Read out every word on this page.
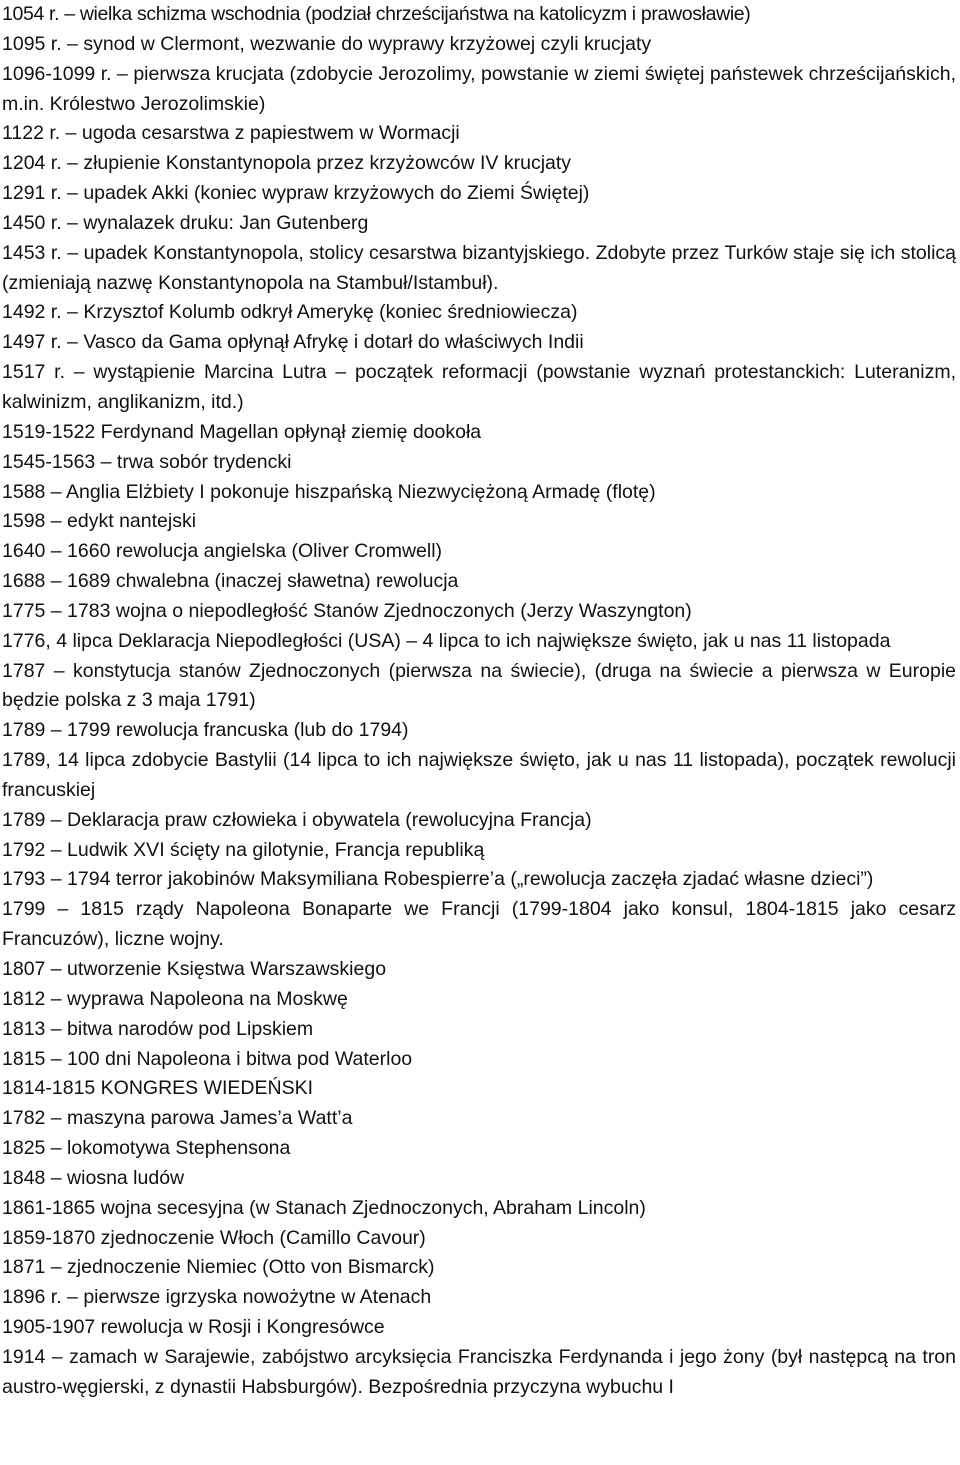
1054 r. – wielka schizma wschodnia (podział chrześcijaństwa na katolicyzm i prawosławie)

1095 r. – synod w Clermont, wezwanie do wyprawy krzyżowej czyli krucjaty

1096-1099 r. – pierwsza krucjata (zdobycie Jerozolimy, powstanie w ziemi świętej państewek chrześcijańskich, m.in. Królestwo Jerozolimskie)

1122 r. – ugoda cesarstwa z papiestwem w Wormacji

1204 r. – złupienie Konstantynopola przez krzyżowców IV krucjaty

1291 r. – upadek Akki (koniec wypraw krzyżowych do Ziemi Świętej)

1450 r. – wynalazek druku: Jan Gutenberg

1453 r. – upadek Konstantynopola, stolicy cesarstwa bizantyjskiego. Zdobyte przez Turków staje się ich stolicą (zmieniają nazwę Konstantynopola na Stambuł/Istambuł).

1492 r. – Krzysztof Kolumb odkrył Amerykę (koniec średniowiecza)

1497 r. – Vasco da Gama opłynął Afrykę i dotarł do właściwych Indii

1517 r. – wystąpienie Marcina Lutra – początek reformacji (powstanie wyznań protestanckich: Luteranizm, kalwinizm, anglikanizm, itd.)

1519-1522 Ferdynand Magellan opłynął ziemię dookoła

1545-1563 – trwa sobór trydencki

1588 – Anglia Elżbiety I pokonuje hiszpańską Niezwyciężoną Armadę (flotę)

1598 – edykt nantejski

1640 – 1660 rewolucja angielska (Oliver Cromwell)

1688 – 1689 chwalebna (inaczej sławetna) rewolucja

1775 – 1783 wojna o niepodległość Stanów Zjednoczonych (Jerzy Waszyngton)

1776, 4 lipca Deklaracja Niepodległości (USA) – 4 lipca to ich największe święto, jak u nas 11 listopada

1787 – konstytucja stanów Zjednoczonych (pierwsza na świecie), (druga na świecie a pierwsza w Europie będzie polska z 3 maja 1791)

1789 – 1799 rewolucja francuska (lub do 1794)

1789, 14 lipca zdobycie Bastylii (14 lipca to ich największe święto, jak u nas 11 listopada), początek rewolucji francuskiej

1789 – Deklaracja praw człowieka i obywatela (rewolucyjna Francja)

1792 – Ludwik XVI ścięty na gilotynie, Francja republiką

1793 – 1794 terror jakobinów Maksymiliana Robespierre’a („rewolucja zaczęła zjadać własne dzieci”)

1799 – 1815 rządy Napoleona Bonaparte we Francji (1799-1804 jako konsul, 1804-1815 jako cesarz Francuzów), liczne wojny.

1807 – utworzenie Księstwa Warszawskiego

1812 – wyprawa Napoleona na Moskwę

1813 – bitwa narodów pod Lipskiem

1815 – 100 dni Napoleona i bitwa pod Waterloo

1814-1815 KONGRES WIEDEŃSKI

1782 – maszyna parowa James’a Watt’a

1825 – lokomotywa Stephensona

1848 – wiosna ludów

1861-1865 wojna secesyjna (w Stanach Zjednoczonych, Abraham Lincoln)

1859-1870 zjednoczenie Włoch (Camillo Cavour)

1871 – zjednoczenie Niemiec (Otto von Bismarck)

1896 r. – pierwsze igrzyska nowożytne w Atenach

1905-1907 rewolucja w Rosji i Kongresówce

1914 – zamach w Sarajewie, zabójstwo arcyksięcia Franciszka Ferdynanda i jego żony (był następcą na tron austro-węgierski, z dynastii Habsburgów). Bezpośrednia przyczyna wybuchu I
